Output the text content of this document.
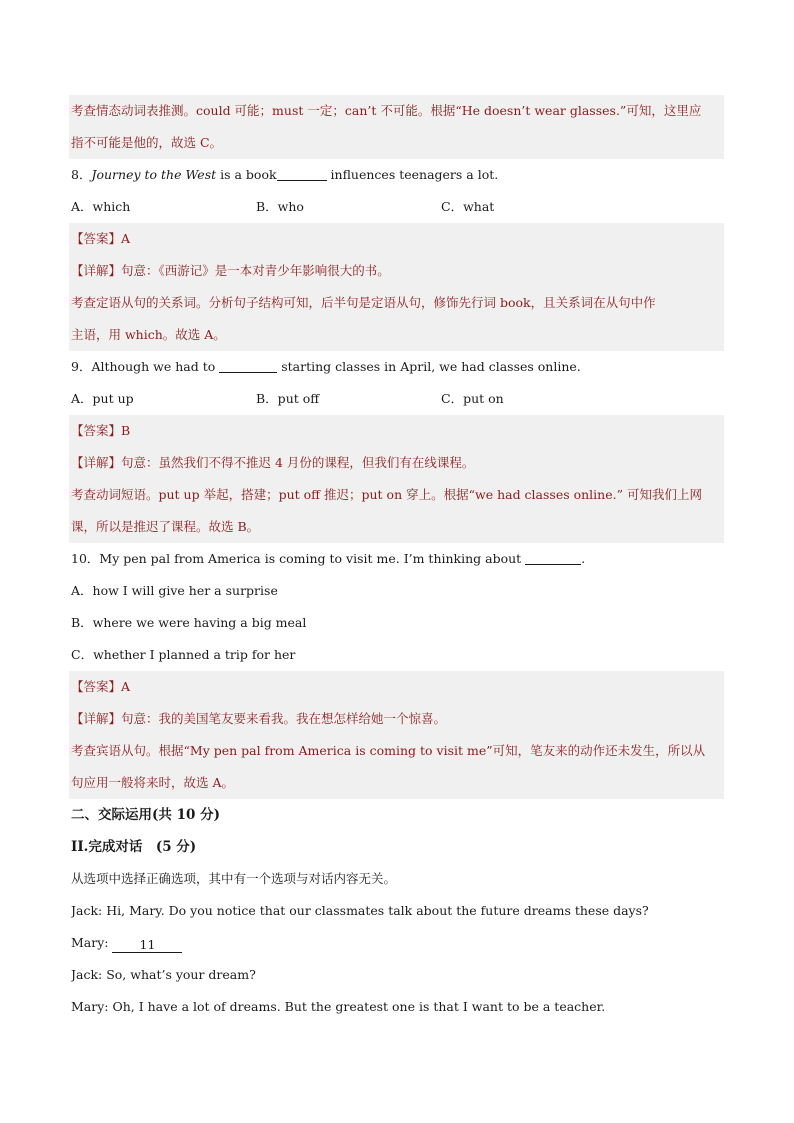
考查情态动词表推测。could 可能；must 一定；can’t 不可能。根据“He doesn’t wear glasses.”可知，这里应
指不可能是他的，故选 C。
8．Journey to the West is a book	influences teenagers a lot.
A．which	B．who	C．what
【答案】A
【详解】句意：《西游记》是一本对青少年影响很大的书。
考查定语从句的关系词。分析句子结构可知，后半句是定语从句，修饰先行词 book，且关系词在从句中作
主语，用 which。故选 A。
9．Although we had to	starting classes in April, we had classes online.
A．put up	B．put off	C．put on
【答案】B
【详解】句意：虽然我们不得不推迟 4 月份的课程，但我们有在线课程。
考查动词短语。put up 举起，搭建；put off 推迟；put on 穿上。根据“we had classes online.” 可知我们上网
课，所以是推迟了课程。故选 B。
10．My pen pal from America is coming to visit me. I’m thinking about	.
A．how I will give her a surprise
B．where we were having a big meal
C．whether I planned a trip for her
【答案】A
【详解】句意：我的美国笔友要来看我。我在想怎样给她一个惊喜。
考查宾语从句。根据“My pen pal from America is coming to visit me”可知，笔友来的动作还未发生，所以从
句应用一般将来时，故选 A。
二、交际运用(共 10 分)
II.完成对话　(5 分)
从选项中选择正确选项，其中有一个选项与对话内容无关。
Jack: Hi, Mary. Do you notice that our classmates talk about the future dreams these days?
Mary: 11
Jack: So, what’s your dream?
Mary: Oh, I have a lot of dreams. But the greatest one is that I want to be a teacher.
